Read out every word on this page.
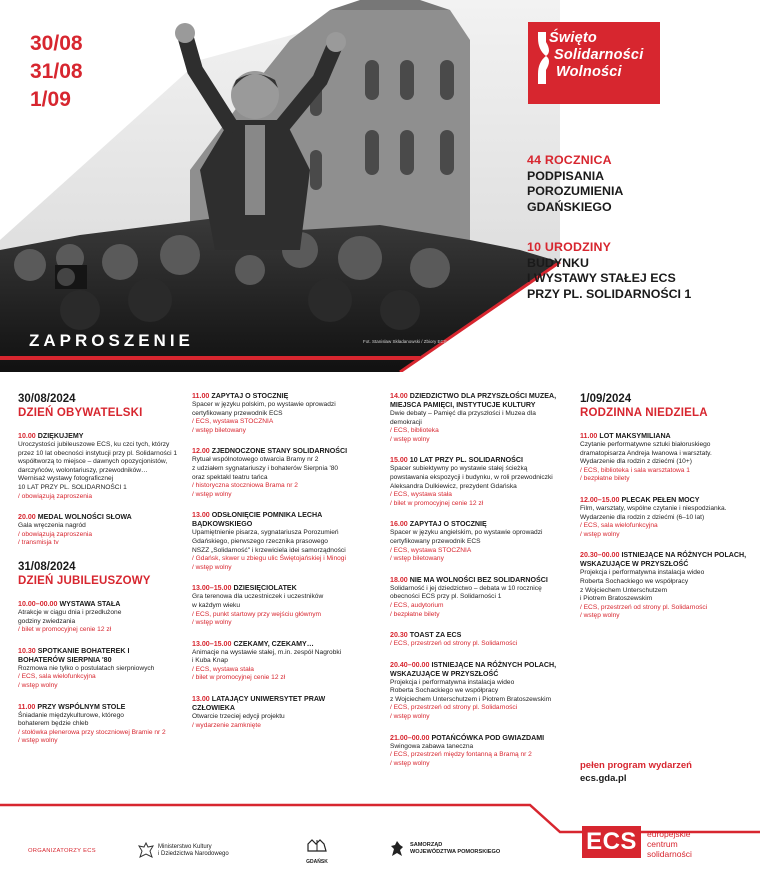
30/08
31/08
1/09
Święto
Solidarności
Wolności
44 ROCZNICA
PODPISANIA
POROZUMIENIA
GDAŃSKIEGO
10 URODZINY
BUDYNKU
I WYSTAWY STAŁEJ ECS
PRZY PL. SOLIDARNOŚCI 1
ZAPROSZENIE	Fot. Stanisław Składanowski / Zbiory ECS
30/08/2024
DZIEŃ OBYWATELSKI
10.00 DZIĘKUJEMY
Uroczystości jubileuszowe ECS, ku czci tych, którzy
przez 10 lat obecności instytucji przy pl. Solidarności 1
współtworzą to miejsce – dawnych opozycjonistów,
darczyńców, wolontariuszy, przewodników…
Wernisaż wystawy fotograficznej
10 LAT PRZY PL. SOLIDARNOŚCI 1
/ obowiązują zaproszenia
20.00 MEDAL WOLNOŚCI SŁOWA
Gala wręczenia nagród
/ obowiązują zaproszenia
/ transmisja tv
31/08/2024
DZIEŃ JUBILEUSZOWY
10.00–00.00 WYSTAWA STAŁA
Atrakcje w ciągu dnia i przedłużone
godziny zwiedzania
/ bilet w promocyjnej cenie 12 zł
10.30 SPOTKANIE BOHATEREK I BOHATERÓW SIERPNIA '80
Rozmowa nie tylko o postulatach sierpniowych
/ ECS, sala wielofunkcyjna
/ wstęp wolny
11.00 PRZY WSPÓLNYM STOLE
Śniadanie międzykulturowe, którego
bohaterem będzie chleb
/ stołówka plenerowa przy stoczniowej Bramie nr 2
/ wstęp wolny
11.00 ZAPYTAJ O STOCZNIĘ
Spacer w języku polskim, po wystawie oprowadzi
certyfikowany przewodnik ECS
/ ECS, wystawa STOCZNIA
/ wstęp biletowany
12.00 ZJEDNOCZONE STANY SOLIDARNOŚCI
Rytuał wspólnotowego otwarcia Bramy nr 2
z udziałem sygnatariuszy i bohaterów Sierpnia '80
oraz spektakl teatru tańca
/ historyczna stoczniowa Brama nr 2
/ wstęp wolny
13.00 ODSŁONIĘCIE POMNIKA LECHA BĄDKOWSKIEGO
Upamiętnienie pisarza, sygnatariusza Porozumień
Gdańskiego, pierwszego rzecznika prasowego
NSZZ „Solidarność" i krzewiciela idei samorządności
/ Gdańsk, skwer u zbiegu ulic Świętojańskiej i Minogi
/ wstęp wolny
13.00–15.00 DZIESIĘCIOLATEK
Gra terenowa dla uczestniczek i uczestników
w każdym wieku
/ ECS, punkt startowy przy wejściu głównym
/ wstęp wolny
13.00–15.00 CZEKAMY, CZEKAMY…
Animacje na wystawie stałej, m.in. zespół Nagrobki
i Kuba Knap
/ ECS, wystawa stała
/ bilet w promocyjnej cenie 12 zł
13.00 LATAJĄCY UNIWERSYTET PRAW CZŁOWIEKA
Otwarcie trzeciej edycji projektu
/ wydarzenie zamknięte
14.00 DZIEDZICTWO DLA PRZYSZŁOŚCI MUZEA, MIEJSCA PAMIĘCI, INSTYTUCJE KULTURY
Dwie debaty – Pamięć dla przyszłości i Muzea dla
demokracji
/ ECS, biblioteka
/ wstęp wolny
15.00 10 LAT PRZY PL. SOLIDARNOŚCI
Spacer subiektywny po wystawie stałej ścieżką
powstawania ekspozycji i budynku, w roli przewodniczki
Aleksandra Dulkiewicz, prezydent Gdańska
/ ECS, wystawa stała
/ bilet w promocyjnej cenie 12 zł
16.00 ZAPYTAJ O STOCZNIĘ
Spacer w języku angielskim, po wystawie oprowadzi
certyfikowany przewodnik ECS
/ ECS, wystawa STOCZNIA
/ wstęp biletowany
18.00 NIE MA WOLNOŚCI BEZ SOLIDARNOŚCI
Solidarność i jej dziedzictwo – debata w 10 rocznicę
obecności ECS przy pl. Solidarności 1
/ ECS, audytorium
/ bezpłatne bilety
20.30 TOAST ZA ECS
/ ECS, przestrzeń od strony pl. Solidarności
20.40–00.00 ISTNIEJĄCE NA RÓŻNYCH POLACH, WSKAZUJĄCE W PRZYSZŁOŚĆ
Projekcja i performatywna instalacja wideo
Roberta Sochackiego we współpracy
z Wojciechem Unterschutzem i Piotrem Bratoszewskim
/ ECS, przestrzeń od strony pl. Solidarności
/ wstęp wolny
21.00–00.00 POTAŃCÓWKA POD GWIAZDAMI
Swingowa zabawa taneczna
/ ECS, przestrzeń między fontanną a Bramą nr 2
/ wstęp wolny
1/09/2024
RODZINNA NIEDZIELA
11.00 LOT MAKSYMILIANA
Czytanie performatywne sztuki białoruskiego
dramatopisarza Andreja Iwanowa i warsztaty.
Wydarzenie dla rodzin z dziećmi (10+)
/ ECS, biblioteka i sala warsztatowa 1
/ bezpłatne bilety
12.00–15.00 PLECAK PEŁEN MOCY
Film, warsztaty, wspólne czytanie i niespodzianka.
Wydarzenie dla rodzin z dziećmi (6–10 lat)
/ ECS, sala wielofunkcyjna
/ wstęp wolny
20.30–00.00 ISTNIEJĄCE NA RÓŻNYCH POLACH, WSKAZUJĄCE W PRZYSZŁOŚĆ
Projekcja i performatywna instalacja wideo
Roberta Sochackiego we współpracy
z Wojciechem Unterschutzem
i Piotrem Bratoszewskim
/ ECS, przestrzeń od strony pl. Solidarności
/ wstęp wolny
pełen program wydarzeń
ecs.gda.pl
ORGANIZATORZY ECS
Ministerstwo Kultury
i Dziedzictwa Narodowego
GDAŃSK
SAMORZĄD
WOJEWÓDZTWA POMORSKIEGO	ECS	europejskie
centrum
solidarności
